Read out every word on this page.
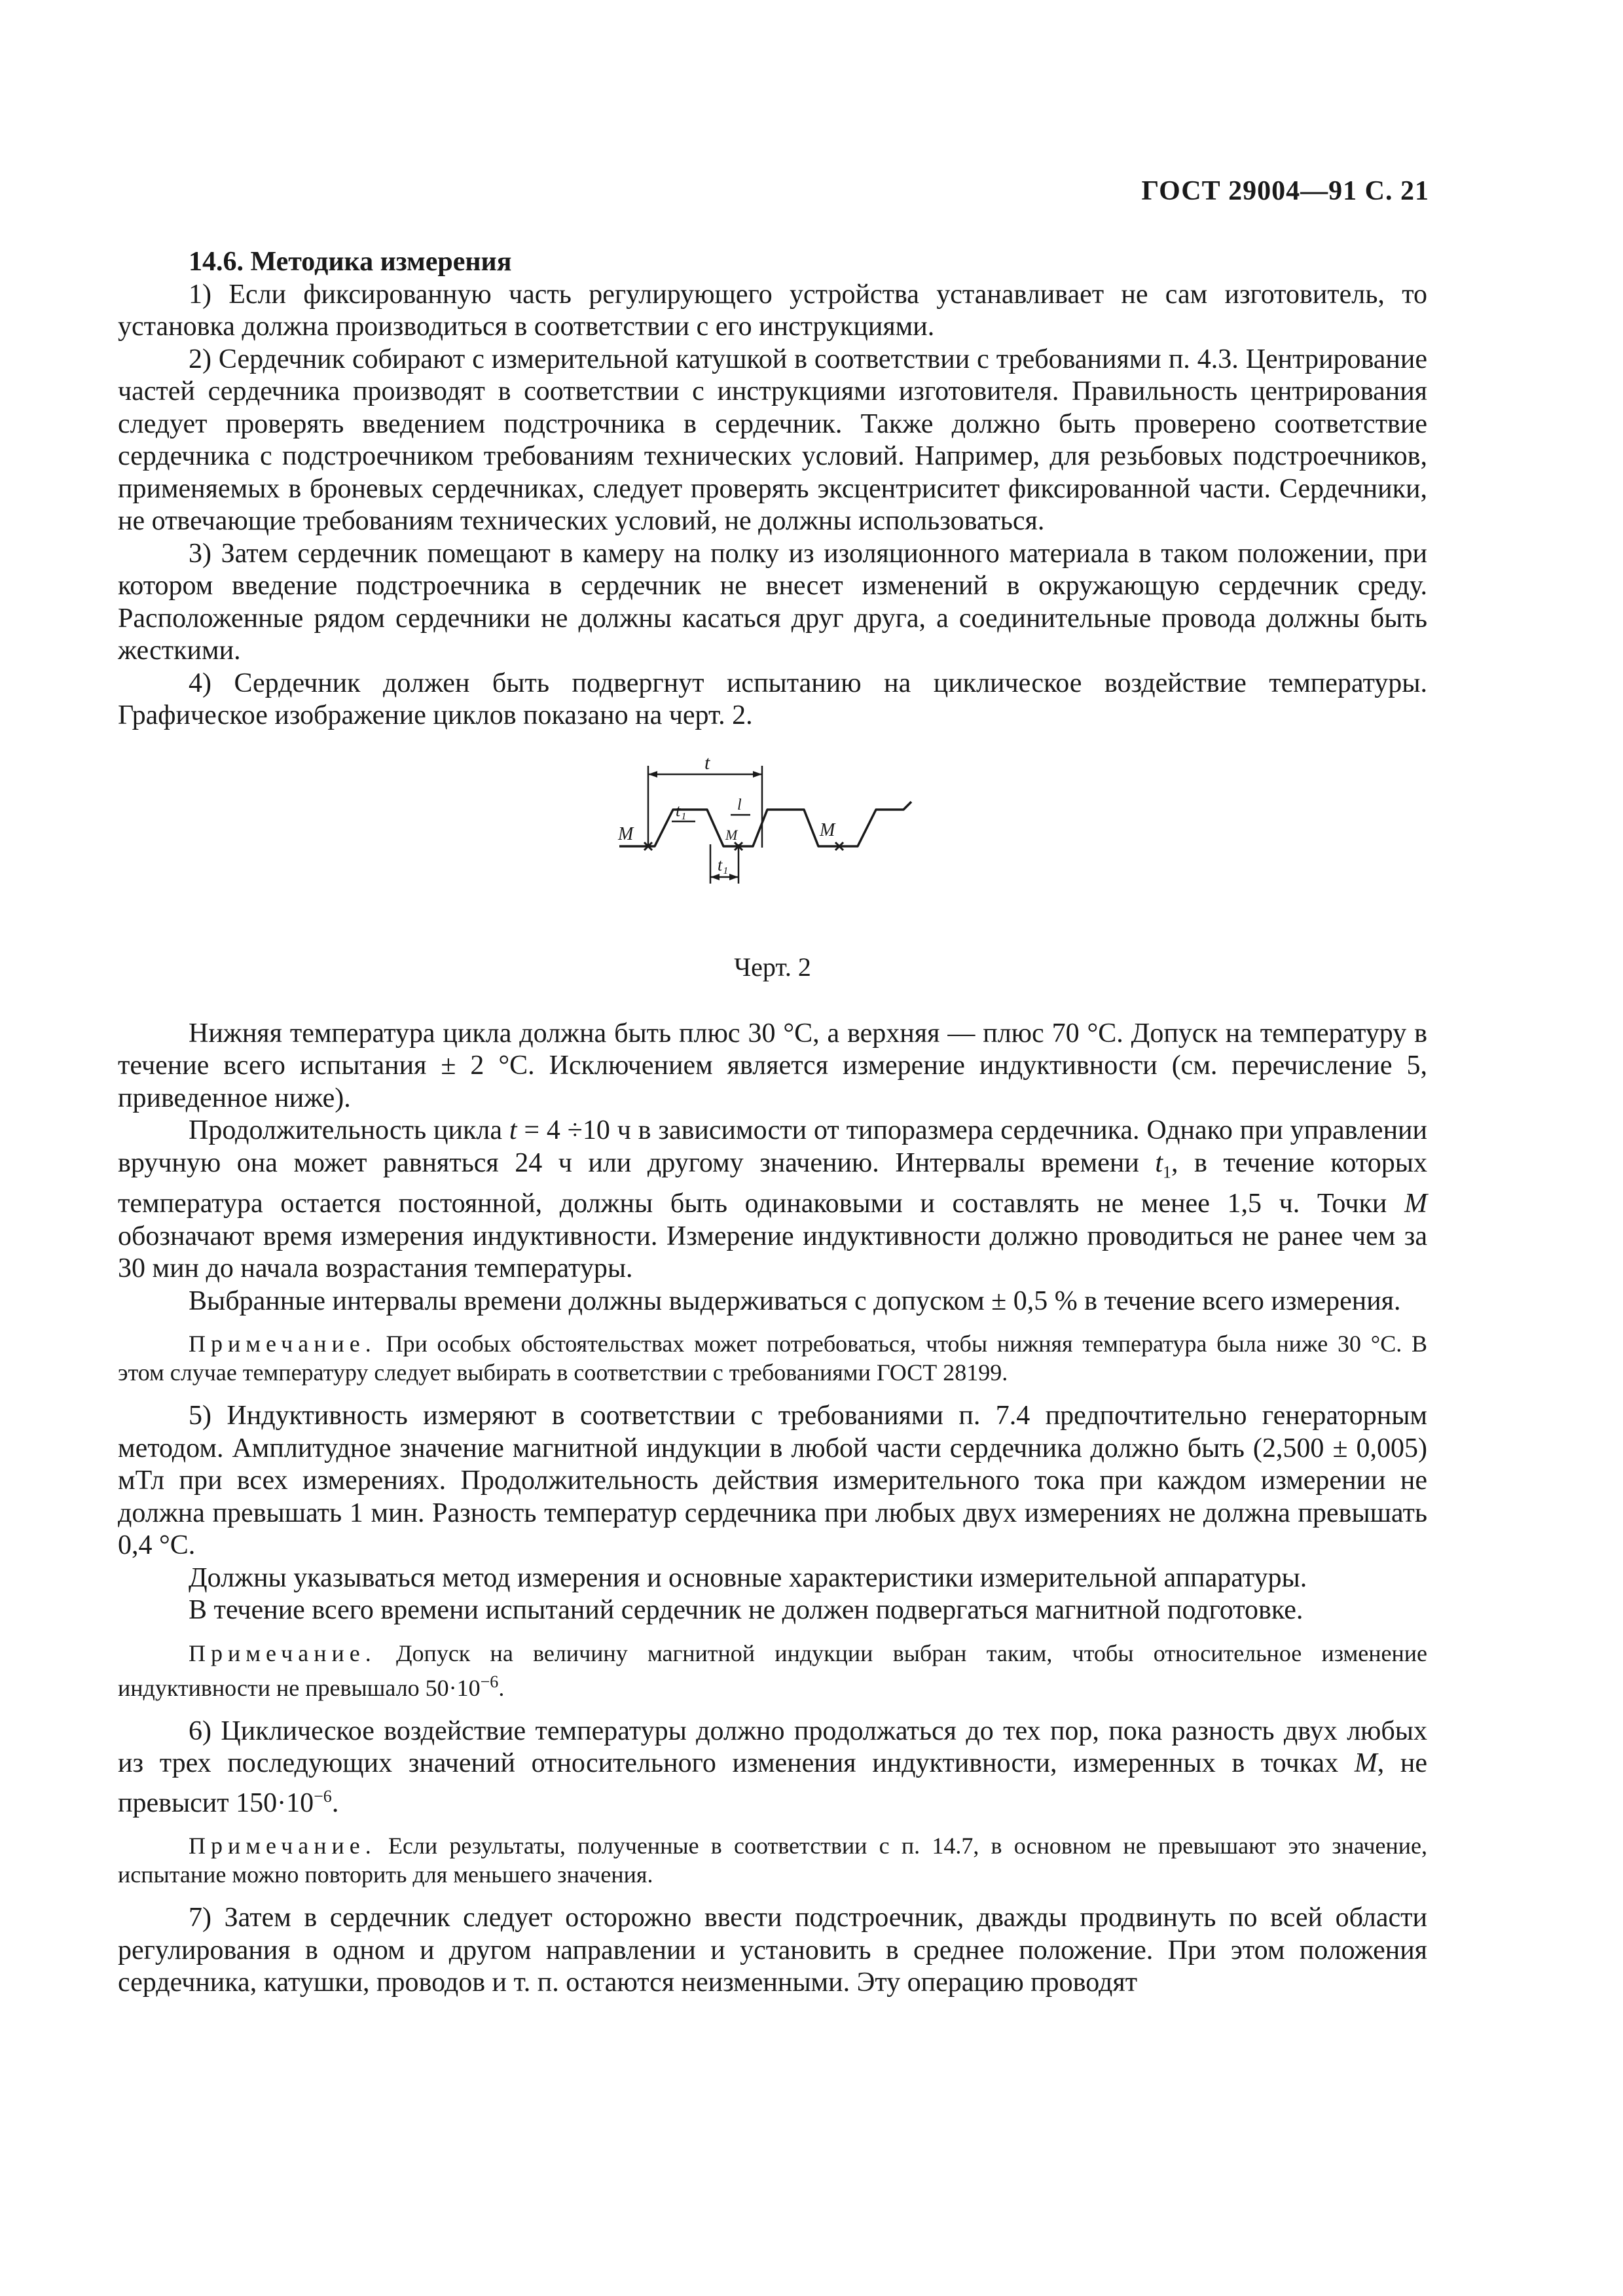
ГОСТ 29004—91 С. 21

14.6. Методика измерения

1) Если фиксированную часть регулирующего устройства устанавливает не сам изготовитель, то установка должна производиться в соответствии с его инструкциями.

2) Сердечник собирают с измерительной катушкой в соответствии с требованиями п. 4.3. Центрирование частей сердечника производят в соответствии с инструкциями изготовителя. Правильность центрирования следует проверять введением подстрочника в сердечник. Также должно быть проверено соответствие сердечника с подстроечником требованиям технических условий. Например, для резьбовых подстроечников, применяемых в броневых сердечниках, следует проверять эксцентриситет фиксированной части. Сердечники, не отвечающие требованиям технических условий, не должны использоваться.

3) Затем сердечник помещают в камеру на полку из изоляционного материала в таком положении, при котором введение подстроечника в сердечник не внесет изменений в окружающую сердечник среду. Расположенные рядом сердечники не должны касаться друг друга, а соединительные провода должны быть жесткими.

4) Сердечник должен быть подвергнут испытанию на циклическое воздействие температуры. Графическое изображение циклов показано на черт. 2.

t
t₁	l
M	M	M
t₁
Черт. 2

Нижняя температура цикла должна быть плюс 30 °С, а верхняя — плюс 70 °С. Допуск на температуру в течение всего испытания ± 2 °С. Исключением является измерение индуктивности (см. перечисление 5, приведенное ниже).

Продолжительность цикла t = 4 ÷10 ч в зависимости от типоразмера сердечника. Однако при управлении вручную она может равняться 24 ч или другому значению. Интервалы времени $t_1$, в течение которых температура остается постоянной, должны быть одинаковыми и составлять не менее 1,5 ч. Точки M обозначают время измерения индуктивности. Измерение индуктивности должно проводиться не ранее чем за 30 мин до начала возрастания температуры.

Выбранные интервалы времени должны выдерживаться с допуском ± 0,5 % в течение всего измерения.

Примечание. При особых обстоятельствах может потребоваться, чтобы нижняя температура была ниже 30 °С. В этом случае температуру следует выбирать в соответствии с требованиями ГОСТ 28199.

5) Индуктивность измеряют в соответствии с требованиями п. 7.4 предпочтительно генераторным методом. Амплитудное значение магнитной индукции в любой части сердечника должно быть (2,500 ± 0,005) мТл при всех измерениях. Продолжительность действия измерительного тока при каждом измерении не должна превышать 1 мин. Разность температур сердечника при любых двух измерениях не должна превышать 0,4 °С.

Должны указываться метод измерения и основные характеристики измерительной аппаратуры.

В течение всего времени испытаний сердечник не должен подвергаться магнитной подготовке.

Примечание. Допуск на величину магнитной индукции выбран таким, чтобы относительное изменение индуктивности не превышало $50\cdot 10^{-6}$.

6) Циклическое воздействие температуры должно продолжаться до тех пор, пока разность двух любых из трех последующих значений относительного изменения индуктивности, измеренных в точках M, не превысит $150\cdot 10^{-6}$.

Примечание. Если результаты, полученные в соответствии с п. 14.7, в основном не превышают это значение, испытание можно повторить для меньшего значения.

7) Затем в сердечник следует осторожно ввести подстроечник, дважды продвинуть по всей области регулирования в одном и другом направлении и установить в среднее положение. При этом положения сердечника, катушки, проводов и т. п. остаются неизменными. Эту операцию проводят
